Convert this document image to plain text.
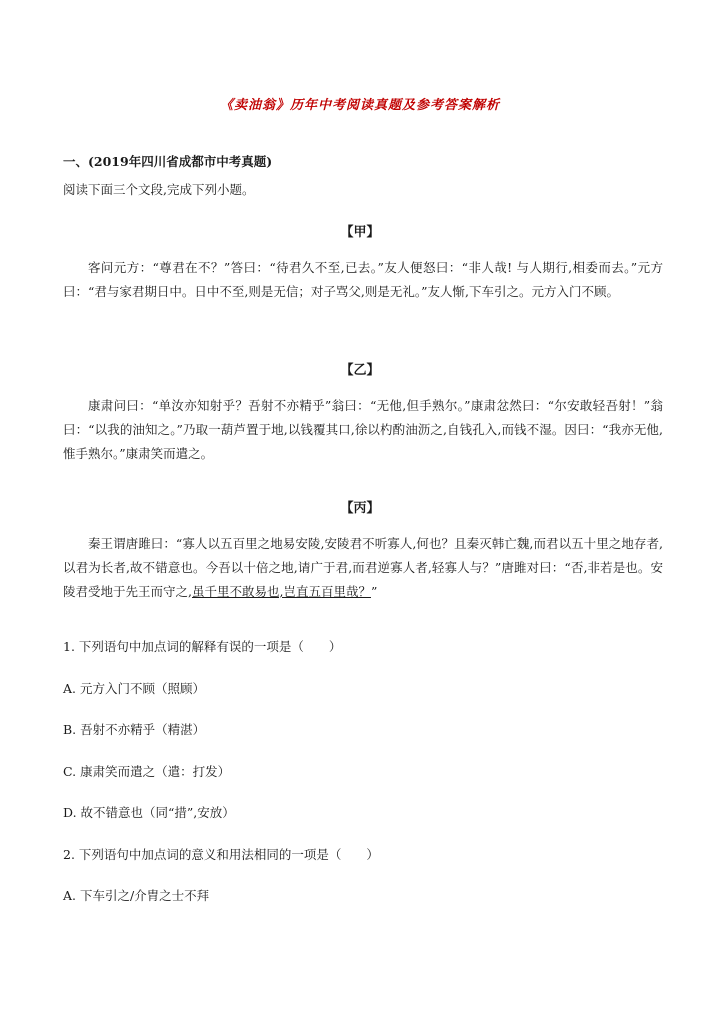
《卖油翁》历年中考阅读真题及参考答案解析
一、(2019年四川省成都市中考真题)
阅读下面三个文段,完成下列小题。
【甲】

客问元方：“尊君在不？”答曰：“待君久不至,已去。”友人便怒曰：“非人哉! 与人期行,相委而去。”元方曰：“君与家君期日中。日中不至,则是无信；对子骂父,则是无礼。”友人惭,下车引之。元方入门不顾。

【乙】

康肃问曰：“单汝亦知射乎？吾射不亦精乎”翁曰：“无他,但手熟尔。”康肃忿然曰：“尔安敢轻吾射！”翁曰：“以我的油知之。”乃取一葫芦置于地,以钱覆其口,徐以杓酌油沥之,自钱孔入,而钱不湿。因曰：“我亦无他,惟手熟尔。”康肃笑而遣之。

【丙】

秦王谓唐雎曰：“寡人以五百里之地易安陵,安陵君不听寡人,何也？且秦灭韩亡魏,而君以五十里之地存者,以君为长者,故不错意也。今吾以十倍之地,请广于君,而君逆寡人者,轻寡人与？”唐雎对曰：“否,非若是也。安陵君受地于先王而守之,虽千里不敢易也,岂直五百里哉？”

1. 下列语句中加点词的解释有误的一项是（　　）
A. 元方入门不顾（照顾）
B. 吾射不亦精乎（精湛）
C. 康肃笑而遣之（遣：打发）
D. 故不错意也（同“措”,安放）
2. 下列语句中加点词的意义和用法相同的一项是（　　）
A. 下车引之/介胄之士不拜
